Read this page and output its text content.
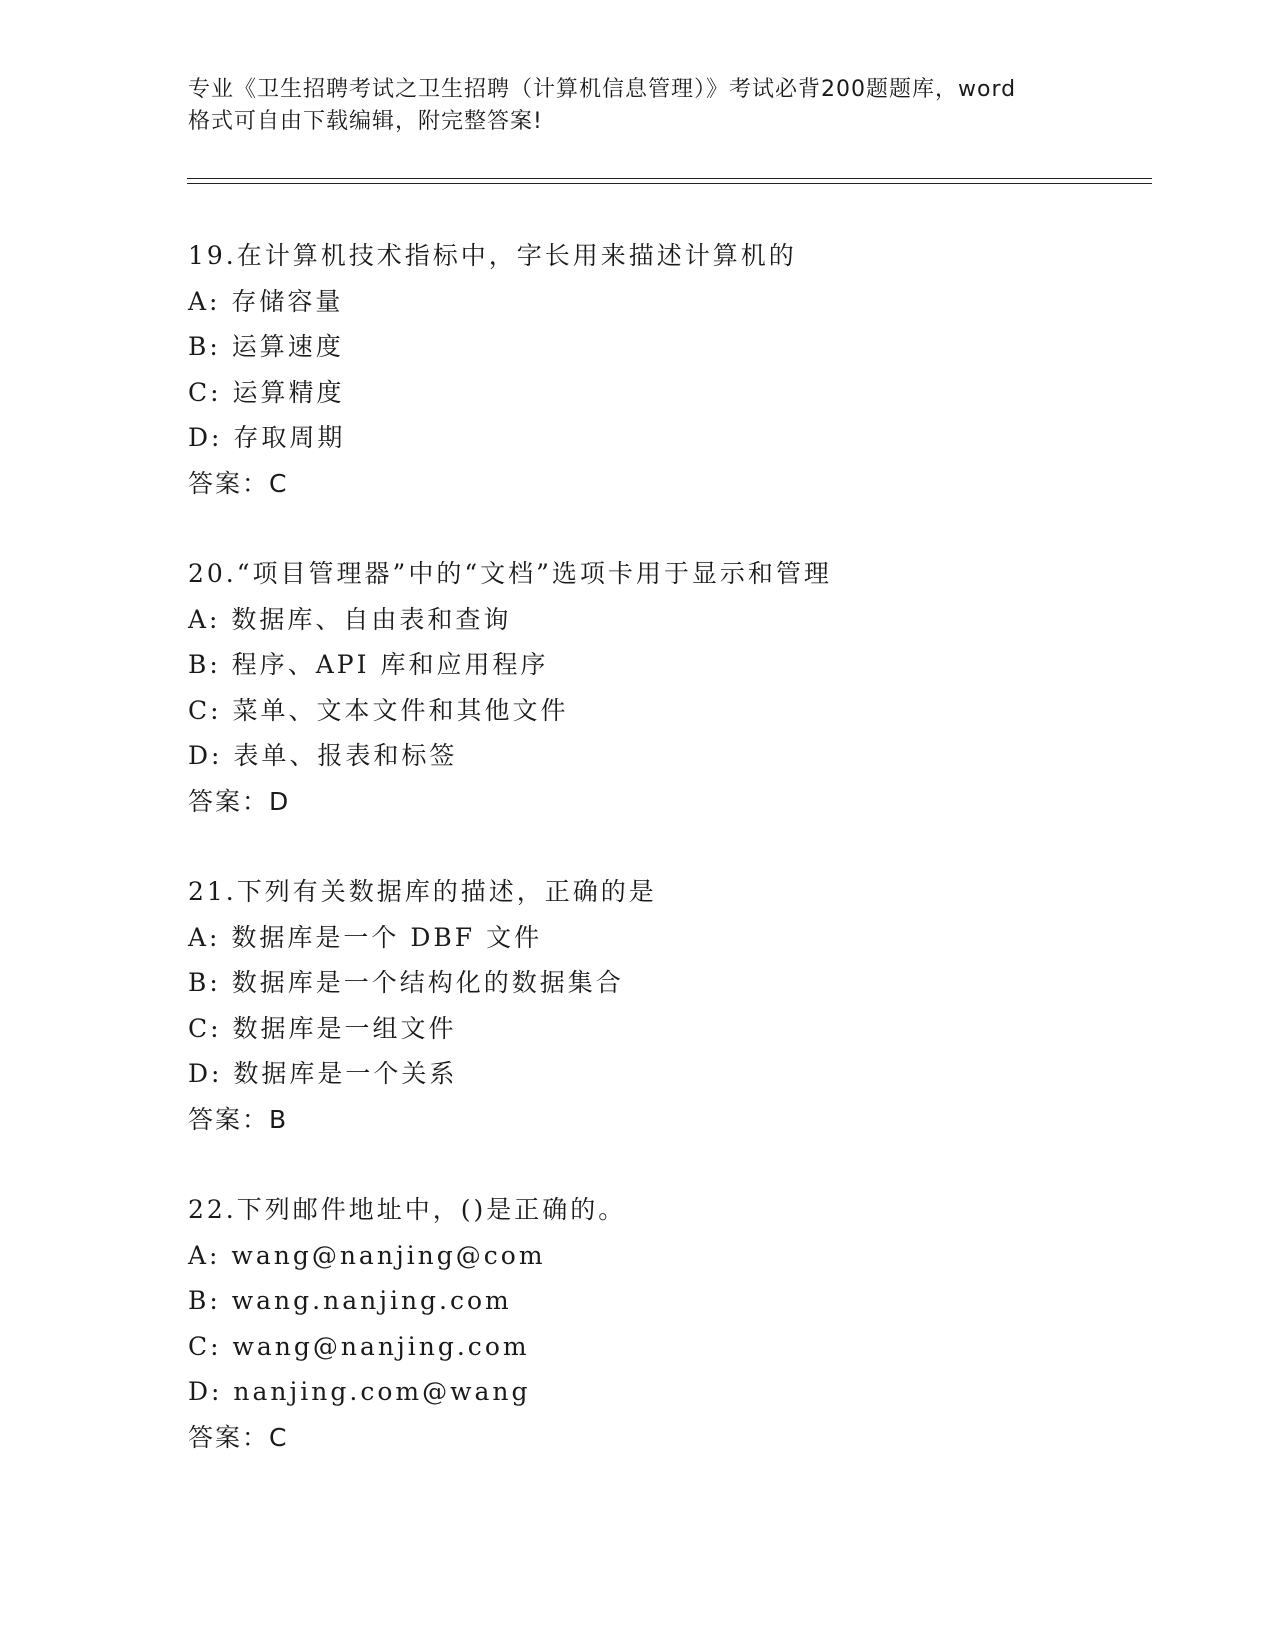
专业《卫生招聘考试之卫生招聘（计算机信息管理）》考试必背200题题库，word
格式可自由下载编辑，附完整答案!
19.在计算机技术指标中，字长用来描述计算机的
A: 存储容量
B: 运算速度
C: 运算精度
D: 存取周期
答案：C
20.“项目管理器”中的“文档”选项卡用于显示和管理
A: 数据库、自由表和查询
B: 程序、API 库和应用程序
C: 菜单、文本文件和其他文件
D: 表单、报表和标签
答案：D
21.下列有关数据库的描述，正确的是
A: 数据库是一个 DBF 文件
B: 数据库是一个结构化的数据集合
C: 数据库是一组文件
D: 数据库是一个关系
答案：B
22.下列邮件地址中，()是正确的。
A: wang@nanjing@com
B: wang.nanjing.com
C: wang@nanjing.com
D: nanjing.com@wang
答案：C
